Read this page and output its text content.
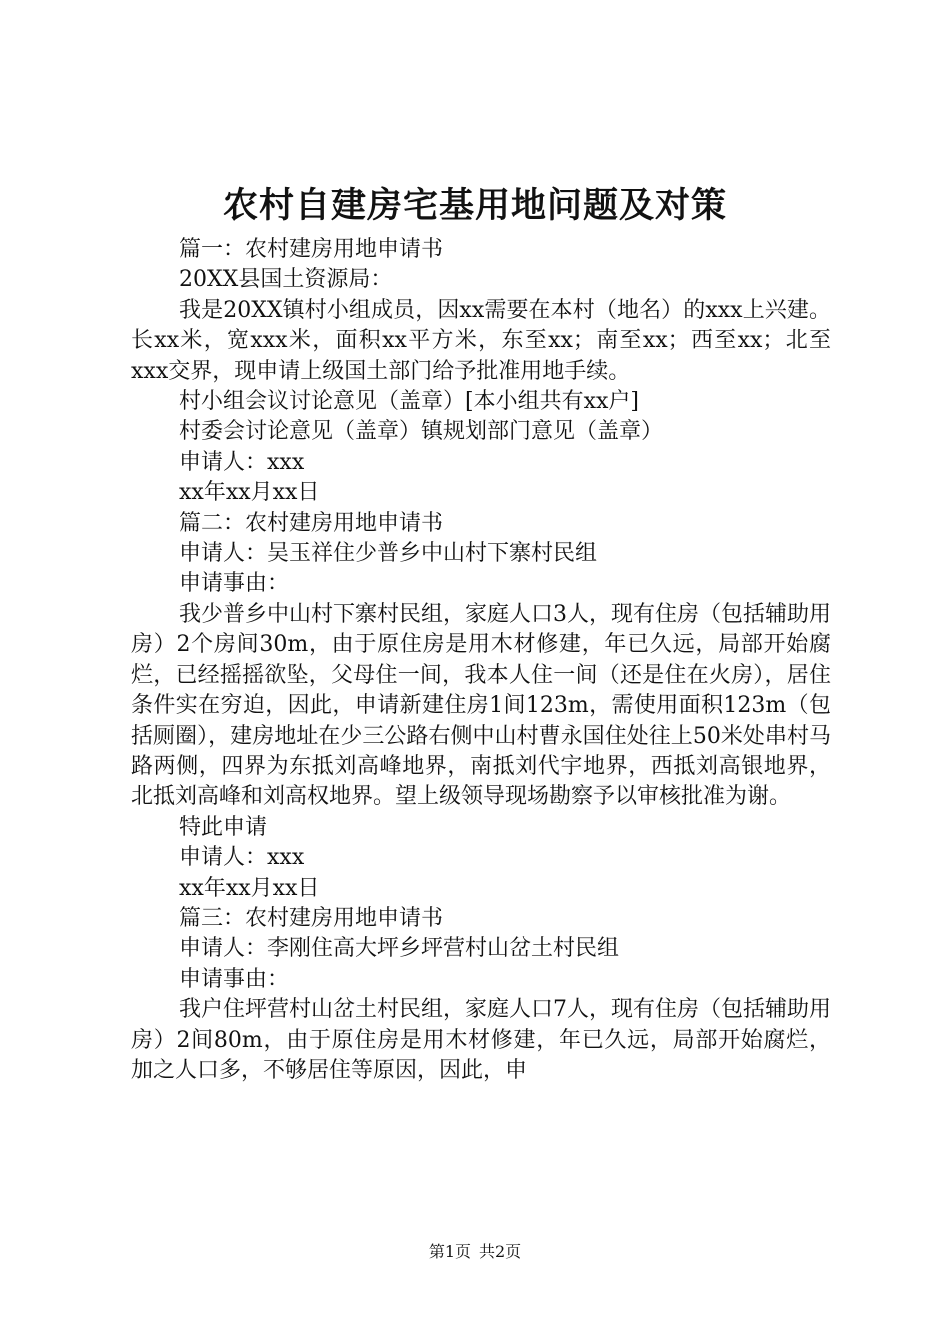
农村自建房宅基用地问题及对策

篇一：农村建房用地申请书

20XX县国土资源局：

我是20XX镇村小组成员，因xx需要在本村（地名）的xxx上兴建。长xx米，宽xxx米，面积xx平方米，东至xx；南至xx；西至xx；北至xxx交界，现申请上级国土部门给予批准用地手续。

村小组会议讨论意见（盖章）[本小组共有xx户]

村委会讨论意见（盖章）镇规划部门意见（盖章）

申请人：xxx

xx年xx月xx日

篇二：农村建房用地申请书

申请人：吴玉祥住少普乡中山村下寨村民组

申请事由：

我少普乡中山村下寨村民组，家庭人口3人，现有住房（包括辅助用房）2个房间30m，由于原住房是用木材修建，年已久远，局部开始腐烂，已经摇摇欲坠，父母住一间，我本人住一间（还是住在火房），居住条件实在穷迫，因此，申请新建住房1间123m，需使用面积123m（包括厕圈），建房地址在少三公路右侧中山村曹永国住处往上50米处串村马路两侧，四界为东抵刘高峰地界，南抵刘代宇地界，西抵刘高银地界，北抵刘高峰和刘高权地界。望上级领导现场勘察予以审核批准为谢。

特此申请

申请人：xxx

xx年xx月xx日

篇三：农村建房用地申请书

申请人：李刚住高大坪乡坪营村山岔土村民组

申请事由：

我户住坪营村山岔土村民组，家庭人口7人，现有住房（包括辅助用房）2间80m，由于原住房是用木材修建，年已久远，局部开始腐烂，加之人口多，不够居住等原因，因此，申

第1页 共2页
